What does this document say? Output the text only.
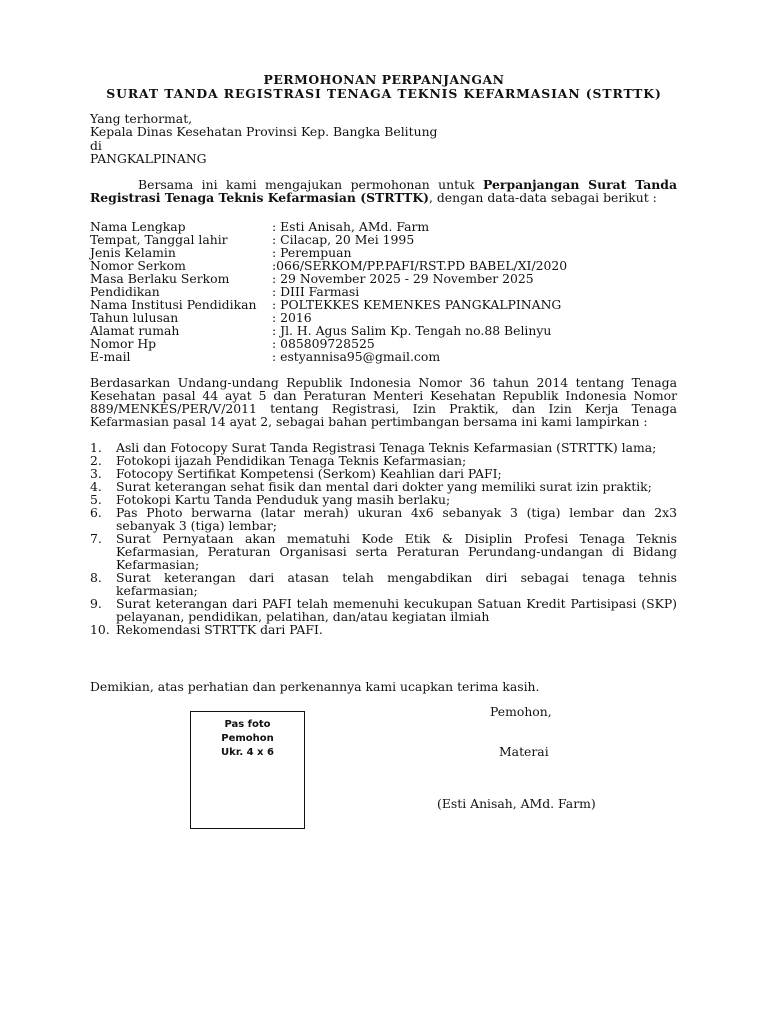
PERMOHONAN PERPANJANGAN
SURAT TANDA REGISTRASI TENAGA TEKNIS KEFARMASIAN (STRTTK)
Yang terhormat,
Kepala Dinas Kesehatan Provinsi Kep. Bangka Belitung
di
PANGKALPINANG
Bersama ini kami mengajukan permohonan untuk Perpanjangan Surat Tanda Registrasi Tenaga Teknis Kefarmasian (STRTTK), dengan data-data sebagai berikut :
Nama Lengkap	: Esti Anisah, AMd. Farm
Tempat, Tanggal lahir	: Cilacap, 20 Mei 1995
Jenis Kelamin	: Perempuan
Nomor Serkom	:066/SERKOM/PP.PAFI/RST.PD BABEL/XI/2020
Masa Berlaku Serkom	: 29 November 2025 - 29 November 2025
Pendidikan	: DIII Farmasi
Nama Institusi Pendidikan	: POLTEKKES KEMENKES PANGKALPINANG
Tahun lulusan	: 2016
Alamat rumah	: Jl. H. Agus Salim Kp. Tengah no.88 Belinyu
Nomor Hp	: 085809728525
E-mail	: estyannisa95@gmail.com
Berdasarkan Undang-undang Republik Indonesia Nomor 36 tahun 2014 tentang Tenaga Kesehatan pasal 44 ayat 5 dan Peraturan Menteri Kesehatan Republik Indonesia Nomor 889/MENKES/PER/V/2011 tentang Registrasi, Izin Praktik, dan Izin Kerja Tenaga Kefarmasian pasal 14 ayat 2, sebagai bahan pertimbangan bersama ini kami lampirkan :
1.	Asli dan Fotocopy Surat Tanda Registrasi Tenaga Teknis Kefarmasian (STRTTK) lama;
2.	Fotokopi ijazah Pendidikan Tenaga Teknis Kefarmasian;
3.	Fotocopy Sertifikat Kompetensi (Serkom) Keahlian dari PAFI;
4.	Surat keterangan sehat fisik dan mental dari dokter yang memiliki surat izin praktik;
5.	Fotokopi Kartu Tanda Penduduk yang masih berlaku;
6.	Pas Photo berwarna (latar merah) ukuran 4x6 sebanyak 3 (tiga) lembar dan 2x3 sebanyak 3 (tiga) lembar;
7.	Surat Pernyataan akan mematuhi Kode Etik & Disiplin Profesi Tenaga Teknis Kefarmasian, Peraturan Organisasi serta Peraturan Perundang-undangan di Bidang Kefarmasian;
8.	Surat keterangan dari atasan telah mengabdikan diri sebagai tenaga tehnis kefarmasian;
9.	Surat keterangan dari PAFI telah memenuhi kecukupan Satuan Kredit Partisipasi (SKP) pelayanan, pendidikan, pelatihan, dan/atau kegiatan ilmiah
10. Rekomendasi STRTTK dari PAFI.
Demikian, atas perhatian dan perkenannya kami ucapkan terima kasih.
Pas foto
Pemohon
Ukr. 4 x 6
Pemohon,
Materai
(Esti Anisah, AMd. Farm)
